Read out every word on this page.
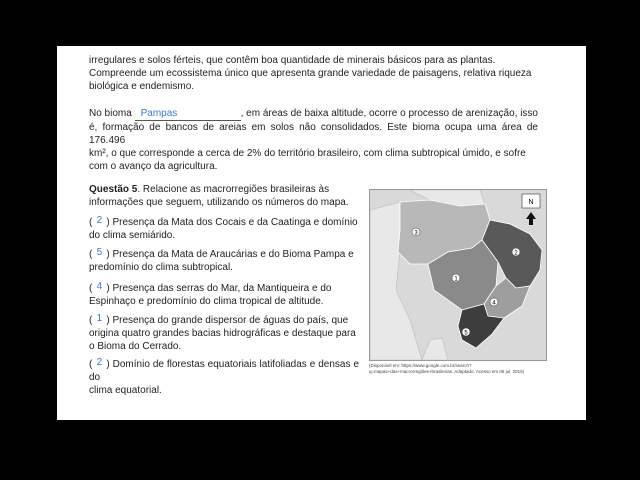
irregulares e solos férteis, que contêm boa quantidade de minerais básicos para as plantas.
Compreende um ecossistema único que apresenta grande variedade de paisagens, relativa riqueza
biológica e endemismo.

No bioma Pampas	, em áreas de baixa altitude, ocorre o processo de arenização, isso
é, formação de bancos de areias em solos não consolidados. Este bioma ocupa uma área de 176.496
km², o que corresponde a cerca de 2% do território brasileiro, com clima subtropical úmido, e sofre
com o avanço da agricultura.

Questão 5. Relacione as macrorregiões brasileiras às
informações que seguem, utilizando os números do mapa.

( 2 ) Presença da Mata dos Cocais e da Caatinga e domínio
do clima semiárido.

( 5 ) Presença da Mata de Araucárias e do Bioma Pampa e
predomínio do clima subtropical.

( 4 ) Presença das serras do Mar, da Mantiqueira e do
Espinhaço e predomínio do clima tropical de altitude.

( 1 ) Presença do grande dispersor de águas do país, que
origina quatro grandes bacias hidrográficas e destaque para
o Bioma do Cerrado.

( 2 ) Domínio de florestas equatoriais latifoliadas e densas e do
clima equatorial.

3
2
1
4
5
N

(Disponível em: https://www.google.com.br/search?q=mapas+das+macrorregiões+brasileiras. Adaptado. Acesso em 06 jul. 2015)
